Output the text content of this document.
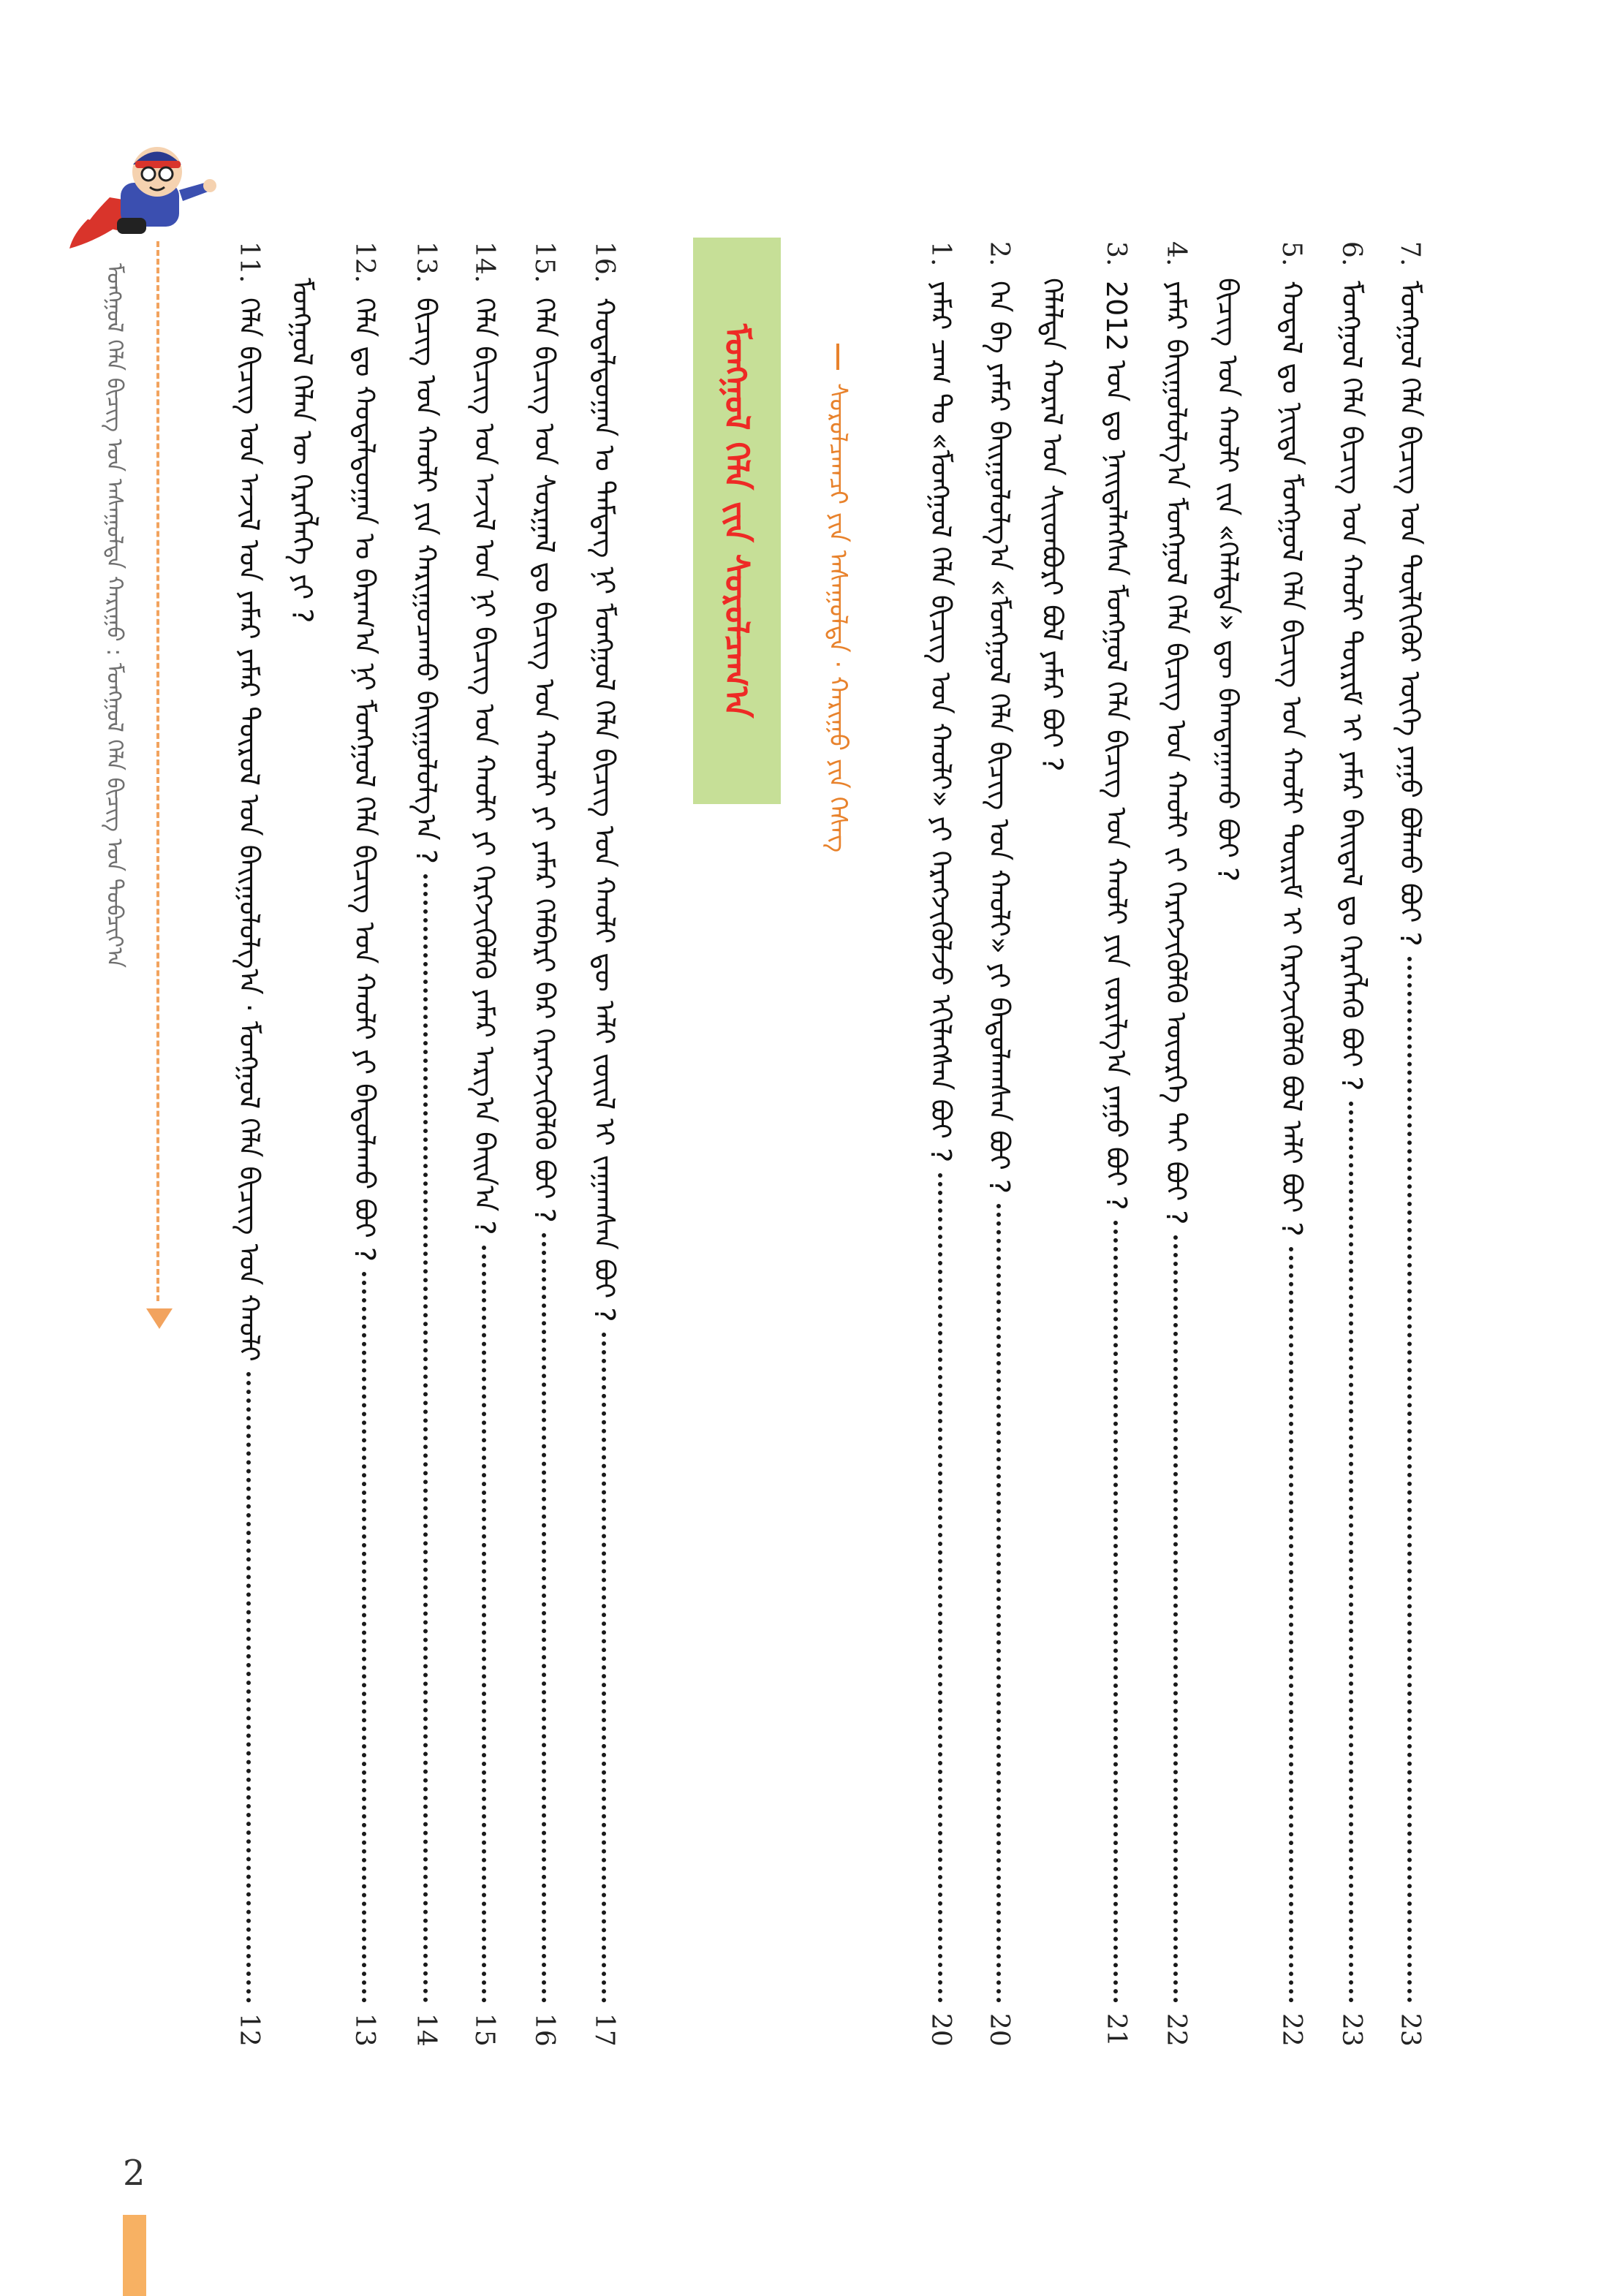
ᠮᠣᠩᠭᠤᠯ ᠬᠡᠯᠡ ᠪᠢᠴᠢᠭ ᠤᠨ ᠠᠰᠠᠭᠤᠯᠲᠠ ᠬᠠᠷᠢᠭᠤ : ᠮᠣᠩᠭᠤᠯ ᠬᠡᠯᠡ ᠪᠢᠴᠢᠭ ᠤᠨ ᠲᠣᠪᠴᠢᠶ᠎ᠠ
11.
ᠬᠡᠯᠡ ᠪᠢᠴᠢᠭ ᠤᠨ ᠠᠵᠢᠯ ᠤᠨ ᠶᠠᠮᠠᠷ ᠶᠠᠮᠠᠷ ᠲᠥᠷᠥᠯ ᠤᠨ ᠪᠠᠢᠭᠤᠯᠤᠯᠭ᠎ᠠ · ᠮᠣᠩᠭᠤᠯ ᠬᠡᠯᠡ ᠪᠢᠴᠢᠭ ᠤᠨ ᠬᠠᠤᠯᠢ
12
ᠮᠣᠩᠭᠤᠯ ᠬᠡᠯᠡᠨ ᠦ ᠬᠡᠷᠡᠭᠯᠡᠭᠡ ᠶᠢ ?
12.
ᠬᠡᠯᠡ ᠳᠤ ᠬᠤᠳᠠᠯᠳᠤᠭᠠᠨ ᠤ ᠪᠠᠷᠠᠭ᠎ᠠ ᠨᠢ ᠮᠣᠩᠭᠤᠯ ᠬᠡᠯᠡ ᠪᠢᠴᠢᠭ ᠤᠨ ᠬᠠᠤᠯᠢ ᠶᠢ ᠪᠠᠲᠤᠯᠠᠬᠤ ᠪᠤᠢ ?
13
13.
ᠪᠢᠴᠢᠭ ᠤᠨ ᠬᠠᠤᠯᠢ ᠶᠢᠨ ᠬᠠᠷᠢᠭᠤᠴᠠᠬᠤ ᠪᠠᠢᠭᠤᠯᠤᠯᠭ᠎ᠠ ?
14
14.
ᠬᠡᠯᠡ ᠪᠢᠴᠢᠭ ᠤᠨ ᠠᠵᠢᠯ ᠤᠨ ᠨᠢ ᠪᠢᠴᠢᠭ ᠤᠨ ᠬᠠᠤᠯᠢ ᠶᠢ ᠬᠡᠷᠭᠵᠢᠭᠦᠯᠬᠦ ᠶᠠᠮᠠᠷ ᠠᠷᠭ᠎ᠠ ᠪᠠᠢᠨ᠎ᠠ ?
15
15.
ᠬᠡᠯᠡ ᠪᠢᠴᠢᠭ ᠤᠨ ᠰᠤᠷᠭᠠᠯ ᠳᠤ ᠪᠢᠴᠢᠭ ᠤᠨ ᠬᠠᠤᠯᠢ ᠶᠢ ᠶᠠᠮᠠᠷ ᠬᠡᠯᠪᠡᠷᠢ ᠪᠡᠷ ᠬᠡᠷᠡᠭᠵᠢᠭᠦᠯᠬᠦ ᠪᠤᠢ ?
16
16.
ᠬᠤᠳᠠᠯᠳᠤᠭᠠᠨ ᠤ ᠲᠡᠮᠳᠡᠭ ᠨᠢ ᠮᠣᠩᠭᠤᠯ ᠬᠡᠯᠡ ᠪᠢᠴᠢᠭ ᠤᠨ ᠬᠠᠤᠯᠢ ᠳᠦ ᠠᠯᠢ ᠵᠦᠢᠯ ᠢ ᠵᠠᠭᠠᠭᠰᠠᠨ ᠪᠤᠢ ?
17
ᠮᠣᠩᠭᠤᠯ ᠬᠡᠯᠡ ᠵᠢᠨ ᠰᠤᠷᠤᠯᠴᠠᠭ᠎ᠠ	ᠰᠤᠷᠤᠯᠴᠠᠭᠴᠢ ᠶᠢᠨ ᠠᠰᠠᠭᠤᠯᠲᠠ · ᠬᠠᠷᠢᠭᠤ ᠶᠢᠨ ᠬᠡᠰᠡᠭ
1.
ᠶᠠᠮᠠᠷ ᠴᠠᠭ ᠲᠤ «ᠮᠣᠩᠭᠤᠯ ᠬᠡᠯᠡ ᠪᠢᠴᠢᠭ ᠤᠨ ᠬᠠᠤᠯᠢ» ᠶᠢ ᠬᠡᠷᠡᠭᠵᠢᠭᠦᠯᠵᠦ ᠡᠬᠢᠯᠡᠭᠰᠡᠨ ᠪᠤᠢ ?
20
2.
ᠬᠡᠨ ᠪᠠ ᠶᠠᠮᠠᠷ ᠪᠠᠢᠭᠤᠯᠤᠯᠭ᠎ᠠ «ᠮᠣᠩᠭᠤᠯ ᠬᠡᠯᠡ ᠪᠢᠴᠢᠭ ᠤᠨ ᠬᠠᠤᠯᠢ» ᠶᠢ ᠪᠠᠲᠤᠯᠠᠭᠰᠠᠨ ᠪᠤᠢ ?
20
ᠬᠡᠯᠡᠯᠲᠡ ᠬᠤᠷᠠᠯ ᠤᠨ ᠰᠢᠢᠳᠪᠦᠷᠢ ᠪᠣᠯ ᠶᠠᠮᠠᠷ ᠪᠤᠢ ?
3.
2012 ᠣᠨ ᠳᠤ ᠨᠡᠢᠲᠡᠯᠡᠭᠰᠡᠨ ᠮᠣᠩᠭᠤᠯ ᠬᠡᠯᠡ ᠪᠢᠴᠢᠭ ᠤᠨ ᠬᠠᠤᠯᠢ ᠶᠢᠨ ᠵᠣᠷᠢᠯᠭ᠎ᠠ ᠶᠠᠭᠤ ᠪᠤᠢ ?
21
4.
ᠶᠠᠮᠠᠷ ᠪᠠᠢᠭᠤᠯᠤᠯᠭ᠎ᠠ ᠮᠣᠩᠭᠤᠯ ᠬᠡᠯᠡ ᠪᠢᠴᠢᠭ ᠤᠨ ᠬᠠᠤᠯᠢ ᠵᠢ ᠬᠡᠷᠡᠭᠵᠢᠭᠦᠯᠬᠦ ᠦᠦᠷᠭᠡ ᠲᠡᠢ ᠪᠤᠢ ?
22
ᠪᠢᠴᠢᠭ ᠤᠨ ᠬᠠᠤᠯᠢ ᠵᠢᠨ «ᠬᠡᠯᠡᠯᠲᠡ» ᠳᠦ ᠪᠠᠭᠲᠠᠭᠠᠬᠤ ᠪᠤᠢ ?
5.
ᠬᠤᠳᠠᠯ ᠳᠤ ᠨᠢᠢᠲᠡ ᠮᠣᠩᠭᠤᠯ ᠬᠡᠯᠡ ᠪᠢᠴᠢᠭ ᠤᠨ ᠬᠠᠤᠯᠢ ᠳᠦᠷᠢᠮ ᠢ ᠬᠡᠷᠡᠭᠵᠢᠭᠦᠯᠬᠦ ᠪᠣᠯ ᠠᠯᠢ ᠪᠤᠢ ?
22
6.
ᠮᠣᠩᠭᠤᠯ ᠬᠡᠯᠡ ᠪᠢᠴᠢᠭ ᠤᠨ ᠬᠠᠤᠯᠢ ᠳᠦᠷᠢᠮ ᠢ ᠶᠠᠮᠠᠷ ᠪᠠᠢᠳᠠᠯ ᠳᠤ ᠬᠡᠷᠡᠭᠯᠡᠬᠦ ᠪᠤᠢ ?
23
7.
ᠮᠣᠩᠭᠤᠯ ᠬᠡᠯᠡ ᠪᠢᠴᠢᠭ ᠤᠨ ᠲᠦᠯᠬᠢᠭᠦᠷ ᠦᠭᠡ ᠶᠠᠭᠤ ᠪᠣᠯᠬᠤ ᠪᠤᠢ ?
23
2
